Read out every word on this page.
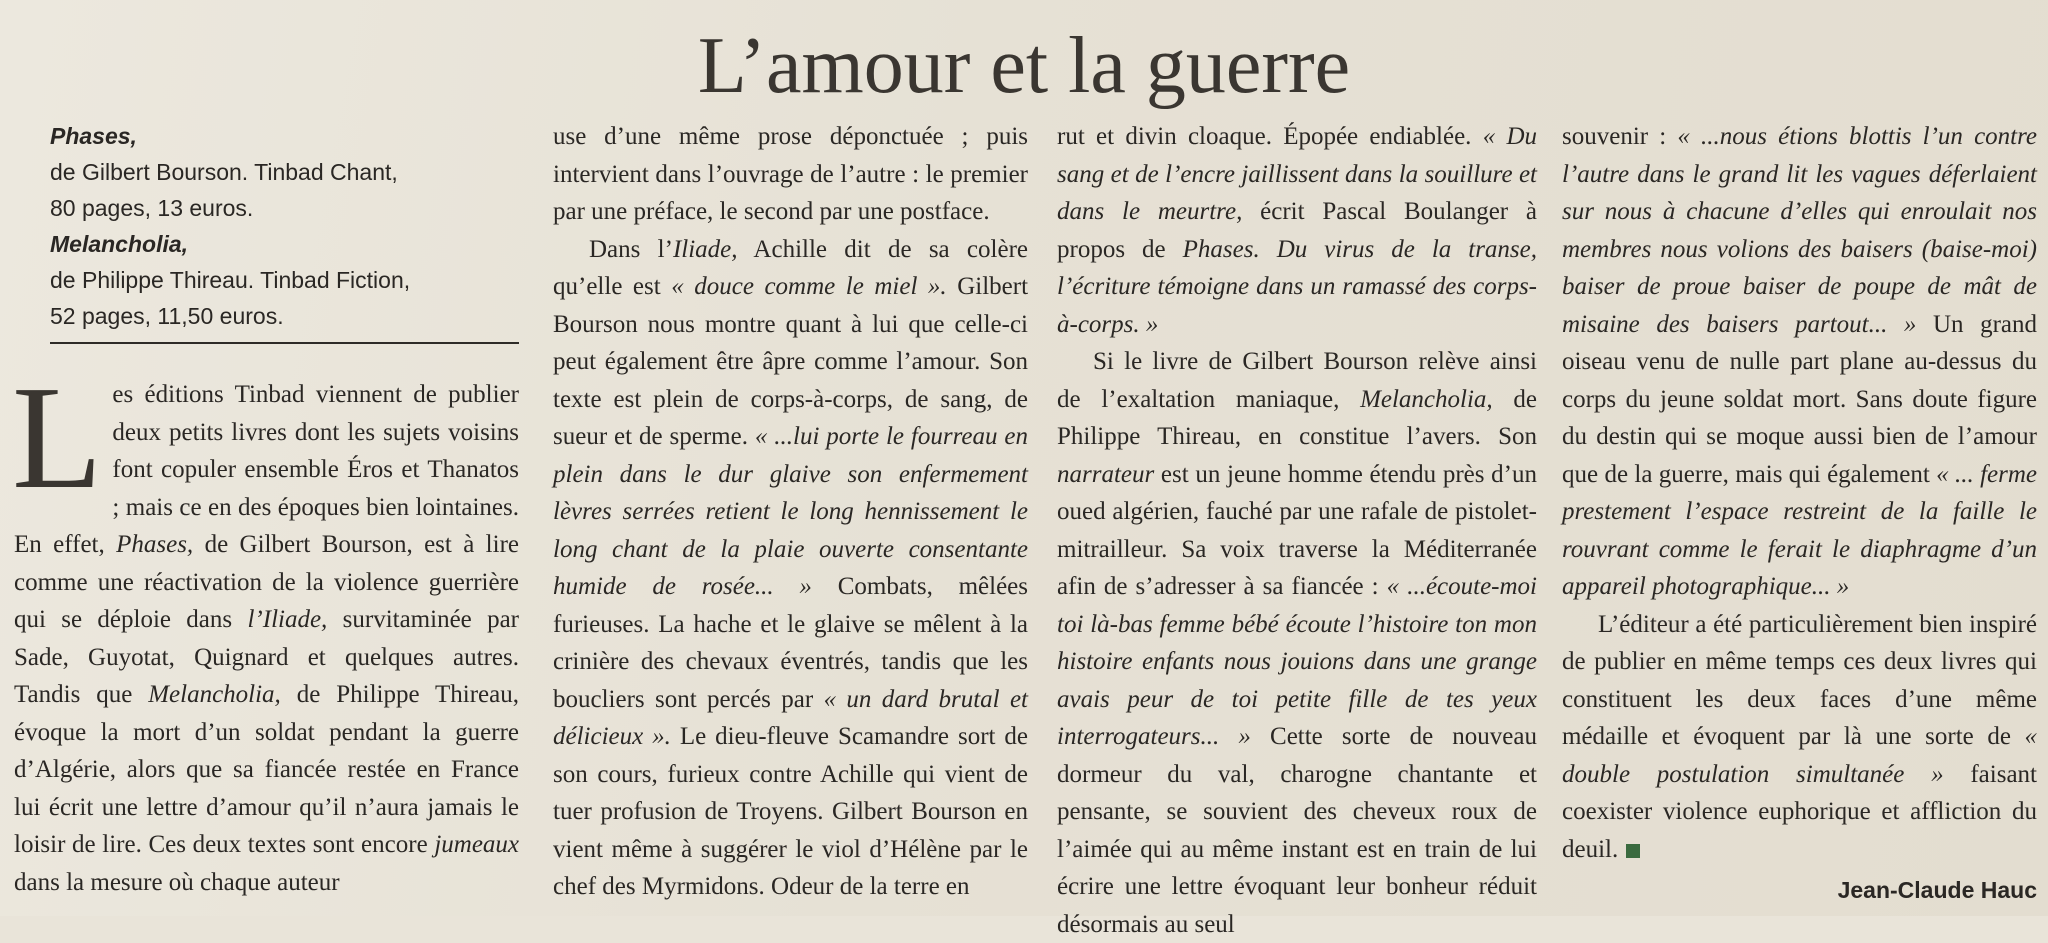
L’amour et la guerre
Phases,
de Gilbert Bourson. Tinbad Chant,
80 pages, 13 euros.
Melancholia,
de Philippe Thireau. Tinbad Fiction,
52 pages, 11,50 euros.

Les éditions Tinbad viennent de publier deux petits livres dont les sujets voisins font copuler ensemble Éros et Thanatos ; mais ce en des époques bien lointaines. En effet, Phases, de Gilbert Bourson, est à lire comme une réactivation de la violence guerrière qui se déploie dans l’Iliade, survitaminée par Sade, Guyotat, Quignard et quelques autres. Tandis que Melancholia, de Philippe Thireau, évoque la mort d’un soldat pendant la guerre d’Algérie, alors que sa fiancée restée en France lui écrit une lettre d’amour qu’il n’aura jamais le loisir de lire. Ces deux textes sont encore jumeaux dans la mesure où chaque auteur

use d’une même prose déponctuée ; puis intervient dans l’ouvrage de l’autre : le premier par une préface, le second par une postface.

Dans l’Iliade, Achille dit de sa colère qu’elle est « douce comme le miel ». Gilbert Bourson nous montre quant à lui que celle-ci peut également être âpre comme l’amour. Son texte est plein de corps-à-corps, de sang, de sueur et de sperme. « ...lui porte le fourreau en plein dans le dur glaive son enfermement lèvres serrées retient le long hennissement le long chant de la plaie ouverte consentante humide de rosée... » Combats, mêlées furieuses. La hache et le glaive se mêlent à la crinière des chevaux éventrés, tandis que les boucliers sont percés par « un dard brutal et délicieux ». Le dieu-fleuve Scamandre sort de son cours, furieux contre Achille qui vient de tuer profusion de Troyens. Gilbert Bourson en vient même à suggérer le viol d’Hélène par le chef des Myrmidons. Odeur de la terre en

rut et divin cloaque. Épopée endiablée. « Du sang et de l’encre jaillissent dans la souillure et dans le meurtre, écrit Pascal Boulanger à propos de Phases. Du virus de la transe, l’écriture témoigne dans un ramassé des corps-à-corps. »

Si le livre de Gilbert Bourson relève ainsi de l’exaltation maniaque, Melancholia, de Philippe Thireau, en constitue l’avers. Son narrateur est un jeune homme étendu près d’un oued algérien, fauché par une rafale de pistolet-mitrailleur. Sa voix traverse la Méditerranée afin de s’adresser à sa fiancée : « ...écoute-moi toi là-bas femme bébé écoute l’histoire ton mon histoire enfants nous jouions dans une grange avais peur de toi petite fille de tes yeux interrogateurs... » Cette sorte de nouveau dormeur du val, charogne chantante et pensante, se souvient des cheveux roux de l’aimée qui au même instant est en train de lui écrire une lettre évoquant leur bonheur réduit désormais au seul

souvenir : « ...nous étions blottis l’un contre l’autre dans le grand lit les vagues déferlaient sur nous à chacune d’elles qui enroulait nos membres nous volions des baisers (baise-moi) baiser de proue baiser de poupe de mât de misaine des baisers partout... » Un grand oiseau venu de nulle part plane au-dessus du corps du jeune soldat mort. Sans doute figure du destin qui se moque aussi bien de l’amour que de la guerre, mais qui également « ... ferme prestement l’espace restreint de la faille le rouvrant comme le ferait le diaphragme d’un appareil photographique... »

L’éditeur a été particulièrement bien inspiré de publier en même temps ces deux livres qui constituent les deux faces d’une même médaille et évoquent par là une sorte de « double postulation simultanée » faisant coexister violence euphorique et affliction du deuil.

Jean-Claude Hauc
